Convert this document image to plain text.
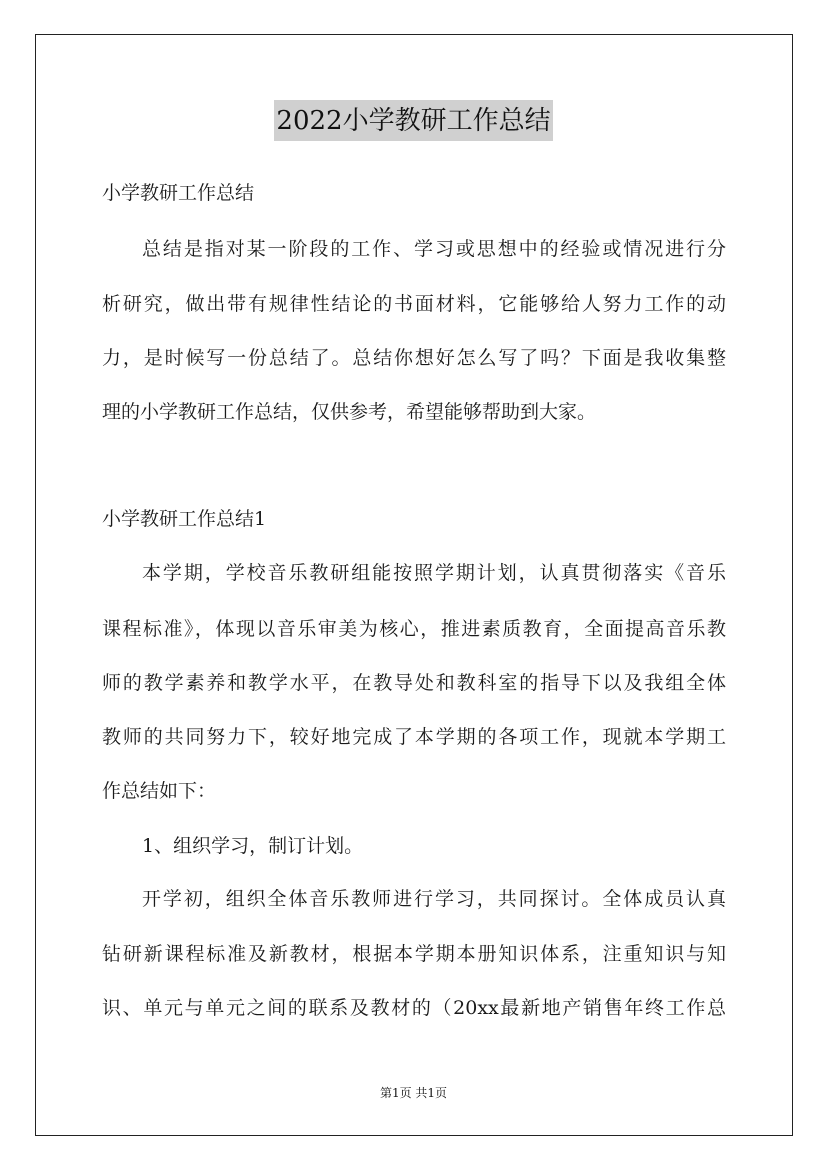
2022小学教研工作总结
小学教研工作总结
总结是指对某一阶段的工作、学习或思想中的经验或情况进行分
析研究，做出带有规律性结论的书面材料，它能够给人努力工作的动
力，是时候写一份总结了。总结你想好怎么写了吗？下面是我收集整
理的小学教研工作总结，仅供参考，希望能够帮助到大家。
小学教研工作总结1
本学期，学校音乐教研组能按照学期计划，认真贯彻落实《音乐
课程标准》，体现以音乐审美为核心，推进素质教育，全面提高音乐教
师的教学素养和教学水平，在教导处和教科室的指导下以及我组全体
教师的共同努力下，较好地完成了本学期的各项工作，现就本学期工
作总结如下：
1、组织学习，制订计划。
开学初，组织全体音乐教师进行学习，共同探讨。全体成员认真
钻研新课程标准及新教材，根据本学期本册知识体系，注重知识与知
识、单元与单元之间的联系及教材的（20xx最新地产销售年终工作总
第1页 共1页
